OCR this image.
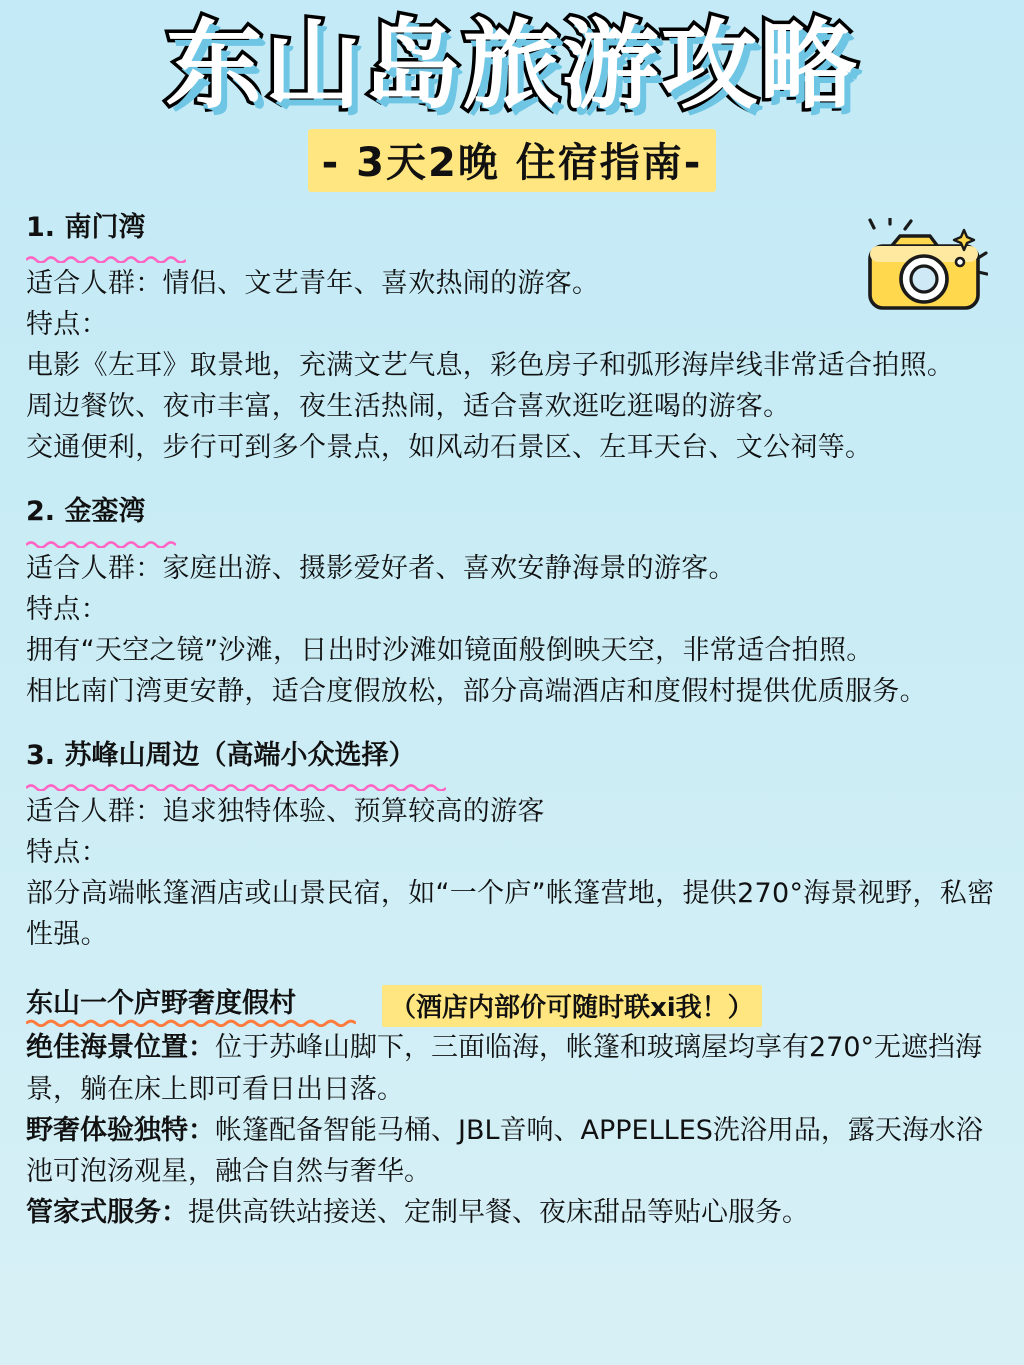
东山岛旅游攻略
- 3天2晚 住宿指南-
1. 南门湾
适合人群：情侣、文艺青年、喜欢热闹的游客。
特点：
电影《左耳》取景地，充满文艺气息，彩色房子和弧形海岸线非常适合拍照。
周边餐饮、夜市丰富，夜生活热闹，适合喜欢逛吃逛喝的游客。
交通便利，步行可到多个景点，如风动石景区、左耳天台、文公祠等。
2. 金銮湾
适合人群：家庭出游、摄影爱好者、喜欢安静海景的游客。
特点：
拥有“天空之镜”沙滩，日出时沙滩如镜面般倒映天空，非常适合拍照。
相比南门湾更安静，适合度假放松，部分高端酒店和度假村提供优质服务。
3. 苏峰山周边（高端小众选择）
适合人群：追求独特体验、预算较高的游客
特点：
部分高端帐篷酒店或山景民宿，如“一个庐”帐篷营地，提供270°海景视野，私密性强。
东山一个庐野奢度假村	（酒店内部价可随时联xi我！）
绝佳海景位置：位于苏峰山脚下，三面临海，帐篷和玻璃屋均享有270°无遮挡海景，躺在床上即可看日出日落。
野奢体验独特：帐篷配备智能马桶、JBL音响、APPELLES洗浴用品，露天海水浴池可泡汤观星，融合自然与奢华。
管家式服务：提供高铁站接送、定制早餐、夜床甜品等贴心服务。
